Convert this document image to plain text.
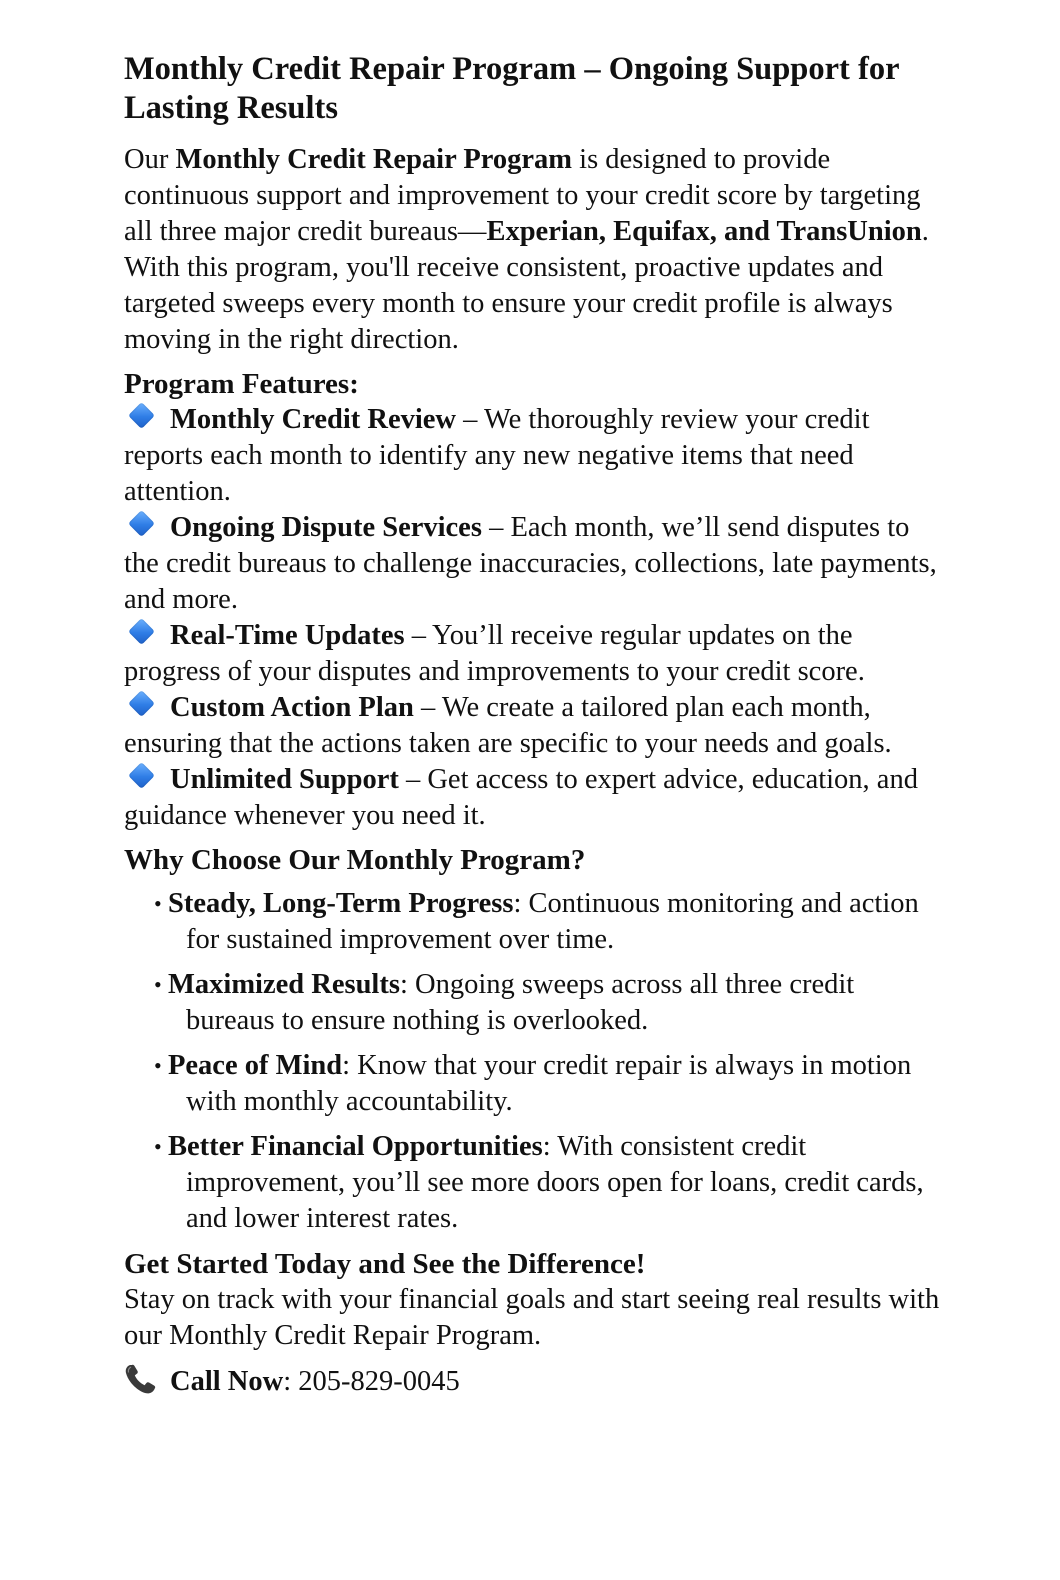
Monthly Credit Repair Program – Ongoing Support for Lasting Results

Our Monthly Credit Repair Program is designed to provide continuous support and improvement to your credit score by targeting all three major credit bureaus—Experian, Equifax, and TransUnion. With this program, you'll receive consistent, proactive updates and targeted sweeps every month to ensure your credit profile is always moving in the right direction.

Program Features:

Monthly Credit Review – We thoroughly review your credit reports each month to identify any new negative items that need attention.

Ongoing Dispute Services – Each month, we’ll send disputes to the credit bureaus to challenge inaccuracies, collections, late payments, and more.

Real-Time Updates – You’ll receive regular updates on the progress of your disputes and improvements to your credit score.

Custom Action Plan – We create a tailored plan each month, ensuring that the actions taken are specific to your needs and goals.

Unlimited Support – Get access to expert advice, education, and guidance whenever you need it.

Why Choose Our Monthly Program?
• Steady, Long-Term Progress: Continuous monitoring and action for sustained improvement over time.
• Maximized Results: Ongoing sweeps across all three credit bureaus to ensure nothing is overlooked.
• Peace of Mind: Know that your credit repair is always in motion with monthly accountability.
• Better Financial Opportunities: With consistent credit improvement, you’ll see more doors open for loans, credit cards, and lower interest rates.
Get Started Today and See the Difference!

Stay on track with your financial goals and start seeing real results with our Monthly Credit Repair Program.

Call Now: 205-829-0045
